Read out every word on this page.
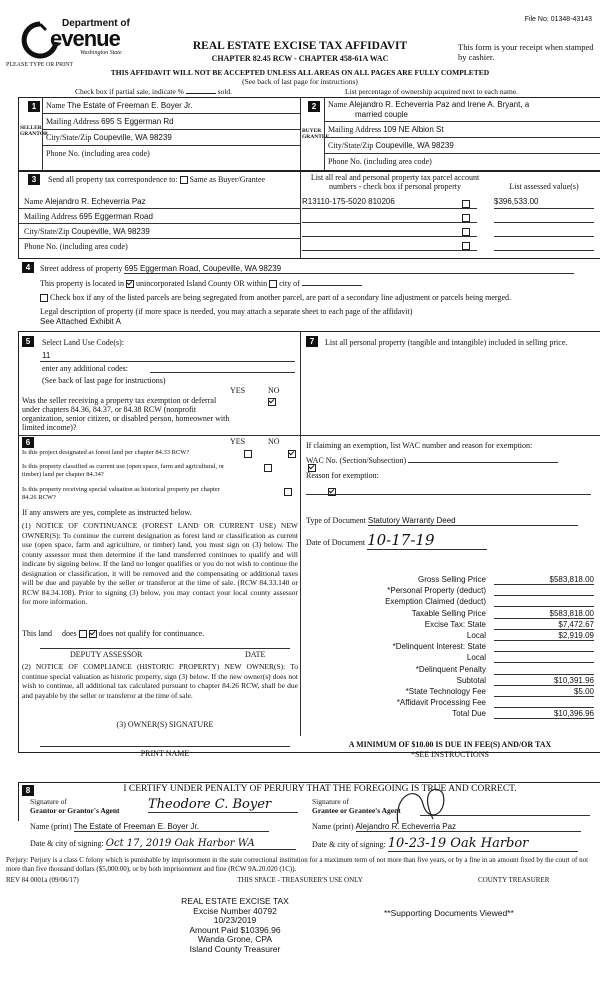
File No: 01348-43143
Department of
evenue
Washington State
PLEASE TYPE OR PRINT
REAL ESTATE EXCISE TAX AFFIDAVIT
CHAPTER 82.45 RCW - CHAPTER 458-61A WAC
This form is your receipt when stamped by cashier.
THIS AFFIDAVIT WILL NOT BE ACCEPTED UNLESS ALL AREAS ON ALL PAGES ARE FULLY COMPLETED
(See back of last page for instructions)
Check box if partial sale, indicate %	sold.	List percentage of ownership acquired next to each name.
1
SELLER GRANTOR
Name The Estate of Freeman E. Boyer Jr.
Mailing Address 695 S Eggerman Rd
City/State/Zip Coupeville, WA 98239
Phone No. (including area code)
2
BUYER GRANTEE
Name Alejandro R. Echeverria Paz and Irene A. Bryant, a
married couple
Mailing Address 109 NE Albion St
City/State/Zip Coupeville, WA 98239
Phone No. (including area code)
3	Send all property tax correspondence to: Same as Buyer/Grantee
Name Alejandro R. Echeverria Paz
Mailing Address 695 Eggerman Road
City/State/Zip Coupeville, WA 98239
Phone No. (including area code)
List all real and personal property tax parcel account numbers - check box if personal property	List assessed value(s)
R13110-175-5020 810206	$396,533.00
4	Street address of property 695 Eggerman Road, Coupeville, WA 98239
This property is located in unincorporated Island County OR within city of
Check box if any of the listed parcels are being segregated from another parcel, are part of a secondary line adjustment or parcels being merged.
Legal description of property (if more space is needed, you may attach a separate sheet to each page of the affidavit)
See Attached Exhibit A
5	Select Land Use Code(s):
11
enter any additional codes:
(See back of last page for instructions)
YES	NO
Was the seller receiving a property tax exemption or deferral under chapters 84.36, 84.37, or 84.38 RCW (nonprofit organization, senior citizen, or disabled person, homeowner with limited income)?

6	YES	NO
Is this project designated as forest land per chapter 84.33 RCW?

Is this property classified as current use (open space, farm and agricultural, or timber) land per chapter 84.34?

Is this property receiving special valuation as historical property per chapter 84.26 RCW?

If any answers are yes, complete as instructed below.
(1) NOTICE OF CONTINUANCE (FOREST LAND OR CURRENT USE) NEW OWNER(S): To continue the current designation as forest land or classification as current use (open space, farm and agriculture, or timber) land, you must sign on (3) below. The county assessor must then determine if the land transferred continues to qualify and will indicate by signing below. If the land no longer qualifies or you do not wish to continue the designation or classification, it will be removed and the compensating or additional taxes will be due and payable by the seller or transferor at the time of sale. (RCW 84.33.140 or RCW 84.34.108). Prior to signing (3) below, you may contact your local county assessor for more information.
This land does	does not qualify for continuance.
DEPUTY ASSESSOR	DATE
(2) NOTICE OF COMPLIANCE (HISTORIC PROPERTY) NEW OWNER(S): To continue special valuation as historic property, sign (3) below. If the new owner(s) does not wish to continue, all additional tax calculated pursuant to chapter 84.26 RCW, shall be due and payable by the seller or transferor at the time of sale.
(3) OWNER(S) SIGNATURE
PRINT NAME
7	List all personal property (tangible and intangible) included in selling price.
If claiming an exemption, list WAC number and reason for exemption:
WAC No. (Section/Subsection)
Reason for exemption:
Type of Document Statutory Warranty Deed
Date of Document 10-17-19
Gross Selling Price	$583,818.00
*Personal Property (deduct)
Exemption Claimed (deduct)
Taxable Selling Price	$583,818.00
Excise Tax: State	$7,472.67
Local	$2,919.09
*Delinquent Interest: State
Local
*Delinquent Penalty
Subtotal	$10,391.96
*State Technology Fee	$5.00
*Affidavit Processing Fee
Total Due	$10,396.96
A MINIMUM OF $10.00 IS DUE IN FEE(S) AND/OR TAX
*SEE INSTRUCTIONS
8	I CERTIFY UNDER PENALTY OF PERJURY THAT THE FOREGOING IS TRUE AND CORRECT.
Signature of
Grantor or Grantor's Agent Theodore C. Boyer	Signature of
Grantee or Grantee's Agent
Name (print) The Estate of Freeman E. Boyer Jr.	Name (print) Alejandro R. Echeverria Paz
Date & city of signing: Oct 17, 2019 Oak Harbor WA	Date & city of signing: 10-23-19 Oak Harbor
Perjury: Perjury is a class C felony which is punishable by imprisonment in the state correctional institution for a maximum term of not more than five years, or by a fine in an amount fixed by the court of not more than five thousand dollars ($5,000.00), or by both imprisonment and fine (RCW 9A.20.020 (1C)).
REV 84 0001a (09/06/17)	THIS SPACE - TREASURER'S USE ONLY	COUNTY TREASURER
REAL ESTATE EXCISE TAX
Excise Number 40792
10/23/2019
Amount Paid $10396.96
Wanda Grone, CPA
Island County Treasurer
**Supporting Documents Viewed**
